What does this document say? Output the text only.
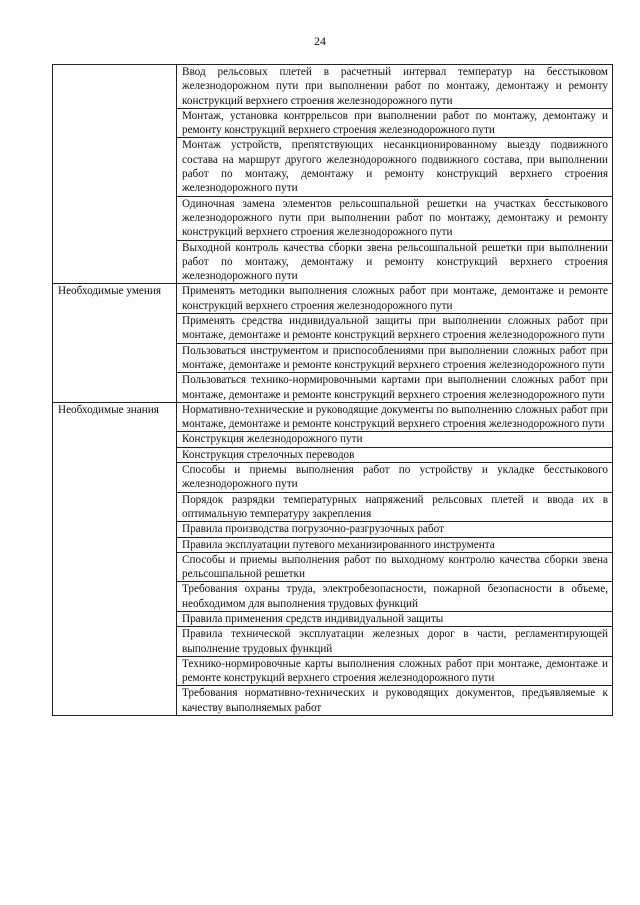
24
	Ввод рельсовых плетей в расчетный интервал температур на бесстыковом железнодорожном пути при выполнении работ по монтажу, демонтажу и ремонту конструкций верхнего строения железнодорожного пути
	Монтаж, установка контррельсов при выполнении работ по монтажу, демонтажу и ремонту конструкций верхнего строения железнодорожного пути
	Монтаж устройств, препятствующих несанкционированному выезду подвижного состава на маршрут другого железнодорожного подвижного состава, при выполнении работ по монтажу, демонтажу и ремонту конструкций верхнего строения железнодорожного пути
	Одиночная замена элементов рельсошпальной решетки на участках бесстыкового железнодорожного пути при выполнении работ по монтажу, демонтажу и ремонту конструкций верхнего строения железнодорожного пути
	Выходной контроль качества сборки звена рельсошпальной решетки при выполнении работ по монтажу, демонтажу и ремонту конструкций верхнего строения железнодорожного пути

Необходимые умения	Применять методики выполнения сложных работ при монтаже, демонтаже и ремонте конструкций верхнего строения железнодорожного пути
	Применять средства индивидуальной защиты при выполнении сложных работ при монтаже, демонтаже и ремонте конструкций верхнего строения железнодорожного пути
	Пользоваться инструментом и приспособлениями при выполнении сложных работ при монтаже, демонтаже и ремонте конструкций верхнего строения железнодорожного пути
	Пользоваться технико-нормировочными картами при выполнении сложных работ при монтаже, демонтаже и ремонте конструкций верхнего строения железнодорожного пути

Необходимые знания	Нормативно-технические и руководящие документы по выполнению сложных работ при монтаже, демонтаже и ремонте конструкций верхнего строения железнодорожного пути
	Конструкция железнодорожного пути
	Конструкция стрелочных переводов
	Способы и приемы выполнения работ по устройству и укладке бесстыкового железнодорожного пути
	Порядок разрядки температурных напряжений рельсовых плетей и ввода их в оптимальную температуру закрепления
	Правила производства погрузочно-разгрузочных работ
	Правила эксплуатации путевого механизированного инструмента
	Способы и приемы выполнения работ по выходному контролю качества сборки звена рельсошпальной решетки
	Требования охраны труда, электробезопасности, пожарной безопасности в объеме, необходимом для выполнения трудовых функций
	Правила применения средств индивидуальной защиты
	Правила технической эксплуатации железных дорог в части, регламентирующей выполнение трудовых функций
	Технико-нормировочные карты выполнения сложных работ при монтаже, демонтаже и ремонте конструкций верхнего строения железнодорожного пути
	Требования нормативно-технических и руководящих документов, предъявляемые к качеству выполняемых работ
